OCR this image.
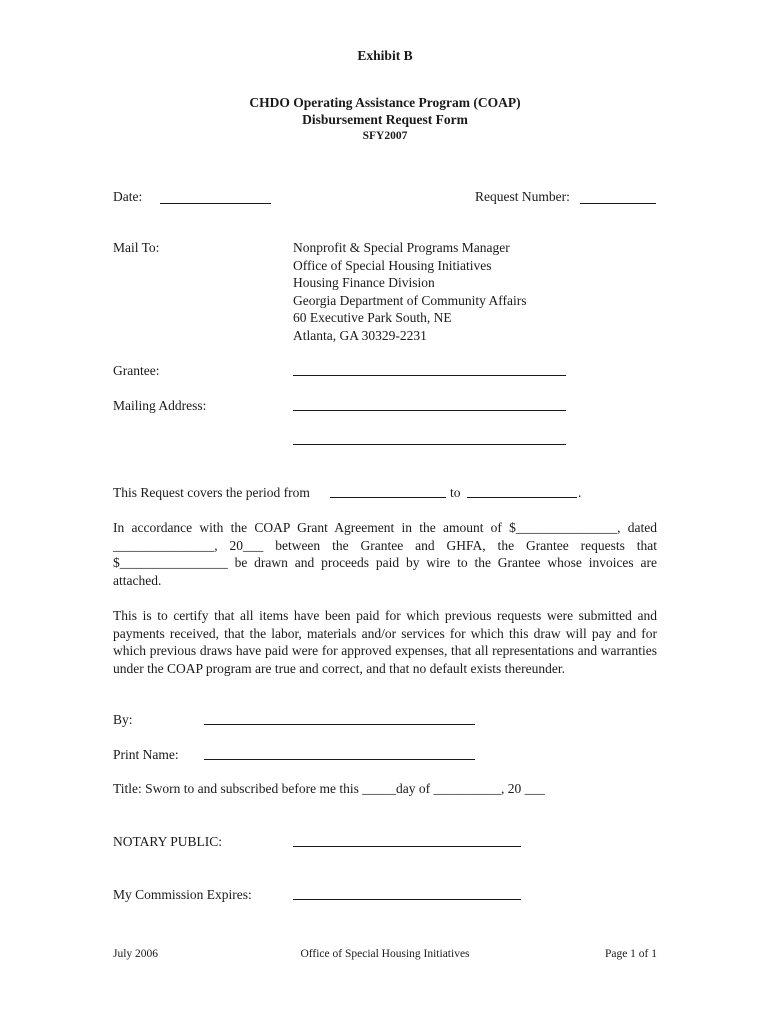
Exhibit B
CHDO Operating Assistance Program (COAP)
Disbursement Request Form
SFY2007
Date:	Request Number:
Mail To:	Nonprofit & Special Programs Manager
Office of Special Housing Initiatives
Housing Finance Division
Georgia Department of Community Affairs
60 Executive Park South, NE
Atlanta, GA 30329-2231
Grantee:
Mailing Address:
This Request covers the period from	to	.
In accordance with the COAP Grant Agreement in the amount of $_______________, dated _______________, 20___ between the Grantee and GHFA, the Grantee requests that $________________ be drawn and proceeds paid by wire to the Grantee whose invoices are attached.
This is to certify that all items have been paid for which previous requests were submitted and payments received, that the labor, materials and/or services for which this draw will pay and for which previous draws have paid were for approved expenses, that all representations and warranties under the COAP program are true and correct, and that no default exists thereunder.
By:
Print Name:
Title: Sworn to and subscribed before me this _____day of __________, 20 ___
NOTARY PUBLIC:
My Commission Expires:
July 2006	Office of Special Housing Initiatives	Page 1 of 1
